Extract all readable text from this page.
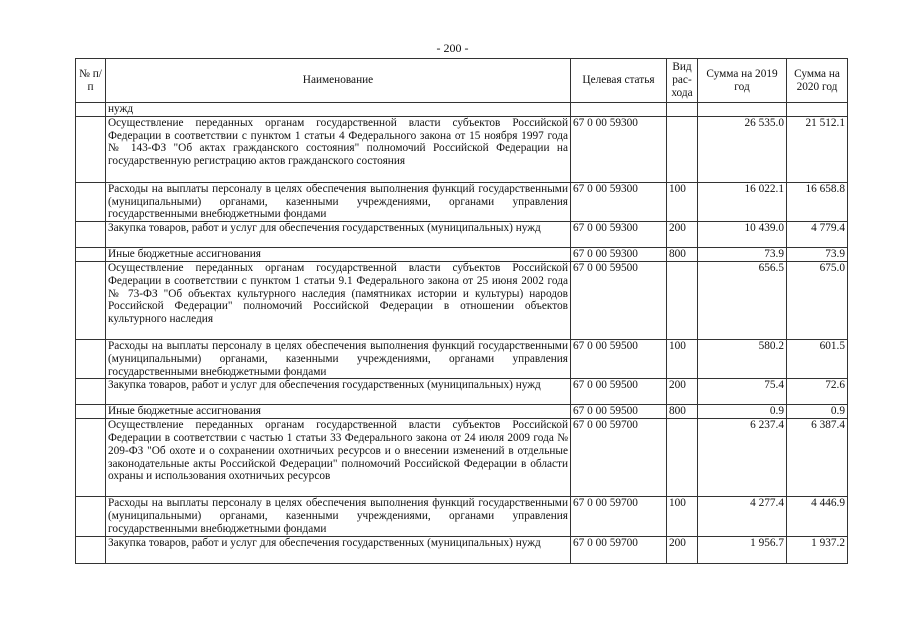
- 200 -
№ п/п	Наименование	Целевая статья	Вид рас-хода	Сумма на 2019 год	Сумма на 2020 год
	нужд				
	Осуществление переданных органам государственной власти субъектов Российской Федерации в соответствии с пунктом 1 статьи 4 Федерального закона от 15 ноября 1997 года № 143-ФЗ "Об актах гражданского состояния" полномочий Российской Федерации на государственную регистрацию актов гражданского состояния	67 0 00 59300		26 535.0	21 512.1
	Расходы на выплаты персоналу в целях обеспечения выполнения функций государственными (муниципальными) органами, казенными учреждениями, органами управления государственными внебюджетными фондами	67 0 00 59300	100	16 022.1	16 658.8
	Закупка товаров, работ и услуг для обеспечения государственных (муниципальных) нужд	67 0 00 59300	200	10 439.0	4 779.4
	Иные бюджетные ассигнования	67 0 00 59300	800	73.9	73.9
	Осуществление переданных органам государственной власти субъектов Российской Федерации в соответствии с пунктом 1 статьи 9.1 Федерального закона от 25 июня 2002 года № 73-ФЗ "Об объектах культурного наследия (памятниках истории и культуры) народов Российской Федерации" полномочий Российской Федерации в отношении объектов культурного наследия	67 0 00 59500		656.5	675.0
	Расходы на выплаты персоналу в целях обеспечения выполнения функций государственными (муниципальными) органами, казенными учреждениями, органами управления государственными внебюджетными фондами	67 0 00 59500	100	580.2	601.5
	Закупка товаров, работ и услуг для обеспечения государственных (муниципальных) нужд	67 0 00 59500	200	75.4	72.6
	Иные бюджетные ассигнования	67 0 00 59500	800	0.9	0.9
	Осуществление переданных органам государственной власти субъектов Российской Федерации в соответствии с частью 1 статьи 33 Федерального закона от 24 июля 2009 года № 209-ФЗ "Об охоте и о сохранении охотничьих ресурсов и о внесении изменений в отдельные законодательные акты Российской Федерации" полномочий Российской Федерации в области охраны и использования охотничьих ресурсов	67 0 00 59700		6 237.4	6 387.4
	Расходы на выплаты персоналу в целях обеспечения выполнения функций государственными (муниципальными) органами, казенными учреждениями, органами управления государственными внебюджетными фондами	67 0 00 59700	100	4 277.4	4 446.9
	Закупка товаров, работ и услуг для обеспечения государственных (муниципальных) нужд	67 0 00 59700	200	1 956.7	1 937.2
